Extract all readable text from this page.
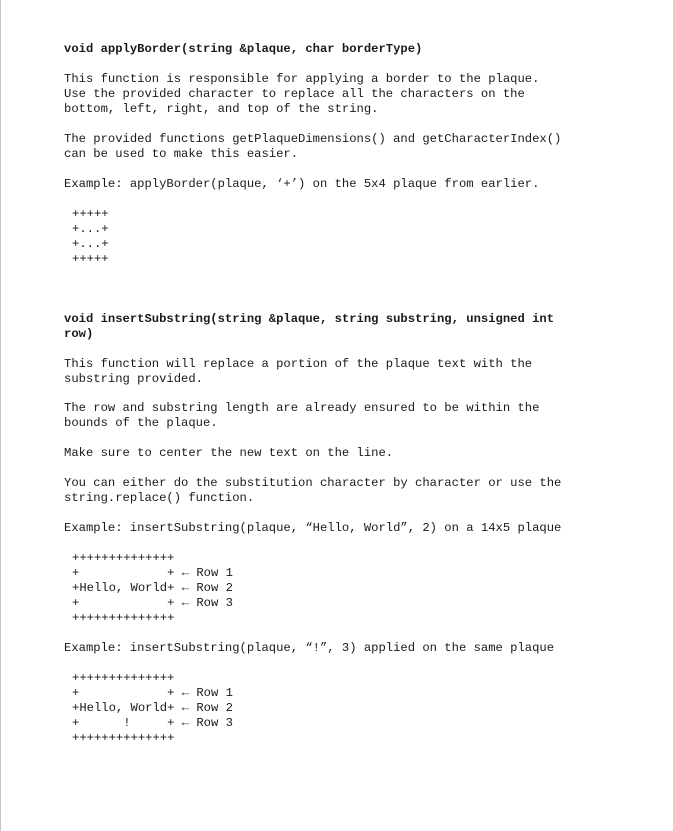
void applyBorder(string &plaque, char borderType)

This function is responsible for applying a border to the plaque.

Use the provided character to replace all the characters on the

bottom, left, right, and top of the string.

The provided functions getPlaqueDimensions() and getCharacterIndex()

can be used to make this easier.

Example: applyBorder(plaque, ‘+’) on the 5x4 plaque from earlier.

+++++

+...+

+...+

+++++

void insertSubstring(string &plaque, string substring, unsigned int

row)

This function will replace a portion of the plaque text with the

substring provided.

The row and substring length are already ensured to be within the

bounds of the plaque.

Make sure to center the new text on the line.

You can either do the substitution character by character or use the

string.replace() function.

Example: insertSubstring(plaque, “Hello, World”, 2) on a 14x5 plaque

++++++++++++++

+            + ← Row 1

+Hello, World+ ← Row 2

+            + ← Row 3

++++++++++++++

Example: insertSubstring(plaque, “!”, 3) applied on the same plaque

++++++++++++++

+            + ← Row 1

+Hello, World+ ← Row 2

+      !     + ← Row 3

++++++++++++++
